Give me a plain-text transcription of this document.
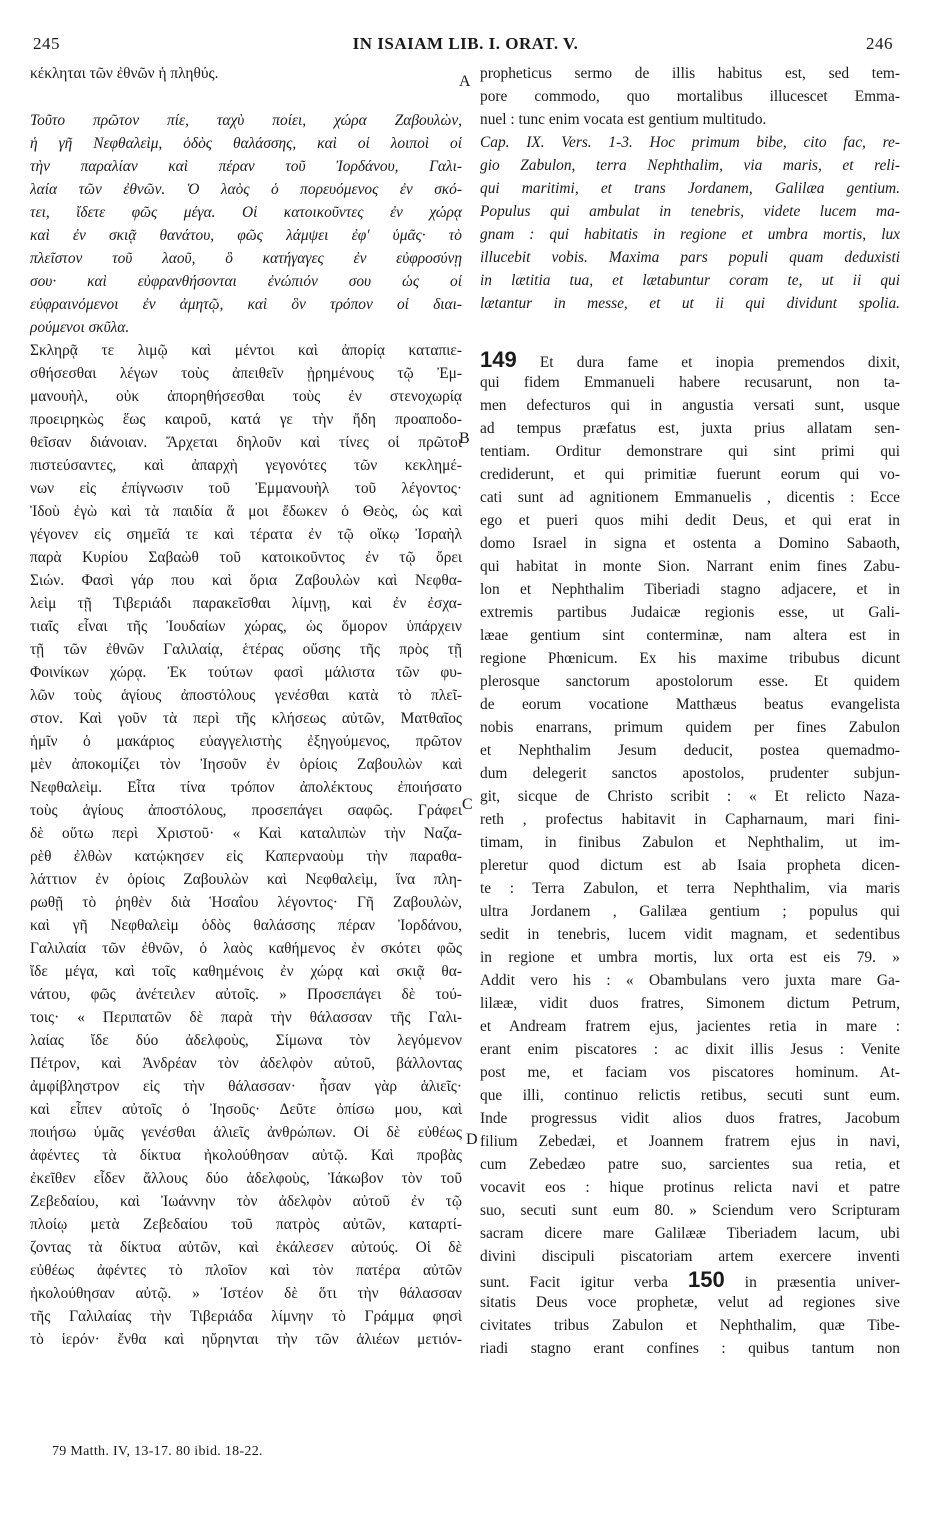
245	IN ISAIAM LIB. I. ORAT. V.	246
A
B
C
D
κέκληται τῶν ἐθνῶν ἡ πληθύς.
Τοῦτο πρῶτον πίε, ταχὺ ποίει, χώρα Ζαβουλὼν,
ἡ γῆ Νεφθαλεὶμ, ὁδὸς θαλάσσης, καὶ οἱ λοιποὶ οἱ
τὴν παραλίαν καὶ πέραν τοῦ Ἰορδάνου, Γαλι-
λαία τῶν ἐθνῶν. Ὁ λαὸς ὁ πορευόμενος ἐν σκό-
τει, ἴδετε φῶς μέγα. Οἱ κατοικοῦντες ἐν χώρᾳ
καὶ ἐν σκιᾷ θανάτου, φῶς λάμψει ἐφ' ὑμᾶς· τὸ
πλεῖστον τοῦ λαοῦ, ὃ κατήγαγες ἐν εὐφροσύνῃ
σου· καὶ εὐφρανθήσονται ἐνώπιόν σου ὡς οἱ
εὐφραινόμενοι ἐν ἀμητῷ, καὶ ὃν τρόπον οἱ διαι-
ρούμενοι σκῦλα.
Σκληρᾷ τε λιμῷ καὶ μέντοι καὶ ἀπορίᾳ καταπιε-
σθήσεσθαι λέγων τοὺς ἀπειθεῖν ᾐρημένους τῷ Ἐμ-
μανουὴλ, οὐκ ἀπορηθήσεσθαι τοὺς ἐν στενοχωρίᾳ
προειρηκὼς ἕως καιροῦ, κατά γε τὴν ἤδη προαποδο-
θεῖσαν διάνοιαν. Ἄρχεται δηλοῦν καὶ τίνες οἱ πρῶτοι
πιστεύσαντες, καὶ ἀπαρχὴ γεγονότες τῶν κεκλημέ-
νων εἰς ἐπίγνωσιν τοῦ Ἐμμανουὴλ τοῦ λέγοντος·
Ἰδοὺ ἐγὼ καὶ τὰ παιδία ἅ μοι ἔδωκεν ὁ Θεὸς, ὡς καὶ
γέγονεν εἰς σημεῖά τε καὶ τέρατα ἐν τῷ οἴκῳ Ἰσραὴλ
παρὰ Κυρίου Σαβαὼθ τοῦ κατοικοῦντος ἐν τῷ ὄρει
Σιών. Φασὶ γάρ που καὶ ὅρια Ζαβουλὼν καὶ Νεφθα-
λεὶμ τῇ Τιβεριάδι παρακεῖσθαι λίμνῃ, καὶ ἐν ἐσχα-
τιαῖς εἶναι τῆς Ἰουδαίων χώρας, ὡς ὅμορον ὑπάρχειν
τῇ τῶν ἐθνῶν Γαλιλαίᾳ, ἑτέρας οὔσης τῆς πρὸς τῇ
Φοινίκων χώρᾳ. Ἐκ τούτων φασὶ μάλιστα τῶν φυ-
λῶν τοὺς ἁγίους ἀποστόλους γενέσθαι κατὰ τὸ πλεῖ-
στον. Καὶ γοῦν τὰ περὶ τῆς κλήσεως αὐτῶν, Ματθαῖος
ἡμῖν ὁ μακάριος εὐαγγελιστὴς ἐξηγούμενος, πρῶτον
μὲν ἀποκομίζει τὸν Ἰησοῦν ἐν ὁρίοις Ζαβουλὼν καὶ
Νεφθαλεὶμ. Εἶτα τίνα τρόπον ἀπολέκτους ἐποιήσατο
τοὺς ἁγίους ἀποστόλους, προσεπάγει σαφῶς. Γράφει
δὲ οὕτω περὶ Χριστοῦ· « Καὶ καταλιπὼν τὴν Ναζα-
ρὲθ ἐλθὼν κατῴκησεν εἰς Καπερναοὺμ τὴν παραθα-
λάττιον ἐν ὁρίοις Ζαβουλὼν καὶ Νεφθαλεὶμ, ἵνα πλη-
ρωθῇ τὸ ῥηθὲν διὰ Ἡσαΐου λέγοντος· Γῆ Ζαβουλὼν,
καὶ γῆ Νεφθαλεὶμ ὁδὸς θαλάσσης πέραν Ἰορδάνου,
Γαλιλαία τῶν ἐθνῶν, ὁ λαὸς καθήμενος ἐν σκότει φῶς
ἴδε μέγα, καὶ τοῖς καθημένοις ἐν χώρᾳ καὶ σκιᾷ θα-
νάτου, φῶς ἀνέτειλεν αὐτοῖς. » Προσεπάγει δὲ τού-
τοις· « Περιπατῶν δὲ παρὰ τὴν θάλασσαν τῆς Γαλι-
λαίας ἴδε δύο ἀδελφοὺς, Σίμωνα τὸν λεγόμενον
Πέτρον, καὶ Ἀνδρέαν τὸν ἀδελφὸν αὐτοῦ, βάλλοντας
ἀμφίβληστρον εἰς τὴν θάλασσαν· ἦσαν γὰρ ἁλιεῖς·
καὶ εἶπεν αὐτοῖς ὁ Ἰησοῦς· Δεῦτε ὀπίσω μου, καὶ
ποιήσω ὑμᾶς γενέσθαι ἁλιεῖς ἀνθρώπων. Οἱ δὲ εὐθέως
ἀφέντες τὰ δίκτυα ἠκολούθησαν αὐτῷ. Καὶ προβὰς
ἐκεῖθεν εἶδεν ἄλλους δύο ἀδελφοὺς, Ἰάκωβον τὸν τοῦ
Ζεβεδαίου, καὶ Ἰωάννην τὸν ἀδελφὸν αὐτοῦ ἐν τῷ
πλοίῳ μετὰ Ζεβεδαίου τοῦ πατρὸς αὐτῶν, καταρτί-
ζοντας τὰ δίκτυα αὐτῶν, καὶ ἐκάλεσεν αὐτούς. Οἱ δὲ
εὐθέως ἀφέντες τὸ πλοῖον καὶ τὸν πατέρα αὐτῶν
ἠκολούθησαν αὐτῷ. » Ἰστέον δὲ ὅτι τὴν θάλασσαν
τῆς Γαλιλαίας τὴν Τιβεριάδα λίμνην τὸ Γράμμα φησὶ
τὸ ἱερόν· ἔνθα καὶ ηὔρηνται τὴν τῶν ἁλιέων μετιόν-
propheticus sermo de illis habitus est, sed tem-
pore commodo, quo mortalibus illucescet Emma-
nuel : tunc enim vocata est gentium multitudo.
Cap. IX. Vers. 1-3. Hoc primum bibe, cito fac, re-
gio Zabulon, terra Nephthalim, via maris, et reli-
qui maritimi, et trans Jordanem, Galilæa gentium.
Populus qui ambulat in tenebris, videte lucem ma-
gnam : qui habitatis in regione et umbra mortis, lux
illucebit vobis. Maxima pars populi quam deduxisti
in lætitia tua, et lætabuntur coram te, ut ii qui
lætantur in messe, et ut ii qui dividunt spolia.
149 Et dura fame et inopia premendos dixit,
qui fidem Emmanueli habere recusarunt, non ta-
men defecturos qui in angustia versati sunt, usque
ad tempus præfatus est, juxta prius allatam sen-
tentiam. Orditur demonstrare qui sint primi qui
crediderunt, et qui primitiæ fuerunt eorum qui vo-
cati sunt ad agnitionem Emmanuelis , dicentis : Ecce
ego et pueri quos mihi dedit Deus, et qui erat in
domo Israel in signa et ostenta a Domino Sabaoth,
qui habitat in monte Sion. Narrant enim fines Zabu-
lon et Nephthalim Tiberiadi stagno adjacere, et in
extremis partibus Judaicæ regionis esse, ut Gali-
læae gentium sint conterminæ, nam altera est in
regione Phœnicum. Ex his maxime tribubus dicunt
plerosque sanctorum apostolorum esse. Et quidem
de eorum vocatione Matthæus beatus evangelista
nobis enarrans, primum quidem per fines Zabulon
et Nephthalim Jesum deducit, postea quemadmo-
dum delegerit sanctos apostolos, prudenter subjun-
git, sicque de Christo scribit : « Et relicto Naza-
reth , profectus habitavit in Capharnaum, mari fini-
timam, in finibus Zabulon et Nephthalim, ut im-
pleretur quod dictum est ab Isaia propheta dicen-
te : Terra Zabulon, et terra Nephthalim, via maris
ultra Jordanem , Galilæa gentium ; populus qui
sedit in tenebris, lucem vidit magnam, et sedentibus
in regione et umbra mortis, lux orta est eis 79. »
Addit vero his : « Obambulans vero juxta mare Ga-
lilææ, vidit duos fratres, Simonem dictum Petrum,
et Andream fratrem ejus, jacientes retia in mare :
erant enim piscatores : ac dixit illis Jesus : Venite
post me, et faciam vos piscatores hominum. At-
que illi, continuo relictis retibus, secuti sunt eum.
Inde progressus vidit alios duos fratres, Jacobum
filium Zebedæi, et Joannem fratrem ejus in navi,
cum Zebedæo patre suo, sarcientes sua retia, et
vocavit eos : hique protinus relicta navi et patre
suo, secuti sunt eum 80. » Sciendum vero Scripturam
sacram dicere mare Galilææ Tiberiadem lacum, ubi
divini discipuli piscatoriam artem exercere inventi
sunt. Facit igitur verba 150 in præsentia univer-
sitatis Deus voce prophetæ, velut ad regiones sive
civitates tribus Zabulon et Nephthalim, quæ Tibe-
riadi stagno erant confines : quibus tantum non
79 Matth. IV, 13-17. 80 ibid. 18-22.
